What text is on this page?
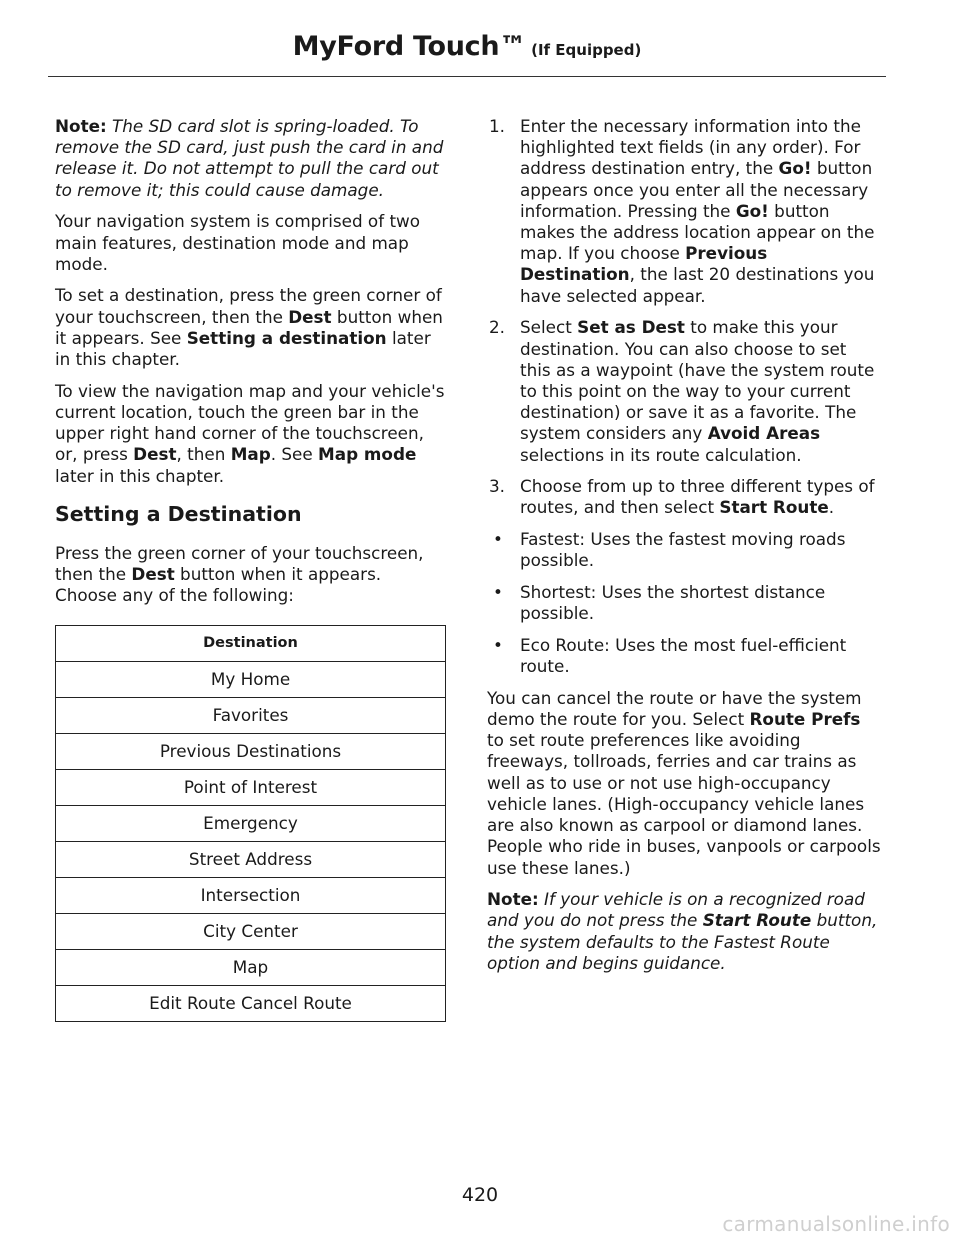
MyFord Touch™ (If Equipped)

Note: The SD card slot is spring-loaded. To remove the SD card, just push the card in and release it. Do not attempt to pull the card out to remove it; this could cause damage.

Your navigation system is comprised of two main features, destination mode and map mode.

To set a destination, press the green corner of your touchscreen, then the Dest button when it appears. See Setting a destination later in this chapter.

To view the navigation map and your vehicle's current location, touch the green bar in the upper right hand corner of the touchscreen, or, press Dest, then Map. See Map mode later in this chapter.

Setting a Destination

Press the green corner of your touchscreen, then the Dest button when it appears. Choose any of the following:

Destination
My Home
Favorites
Previous Destinations
Point of Interest
Emergency
Street Address
Intersection
City Center
Map
Edit Route Cancel Route
1. Enter the necessary information into the highlighted text fields (in any order). For address destination entry, the Go! button appears once you enter all the necessary information. Pressing the Go! button makes the address location appear on the map. If you choose Previous Destination, the last 20 destinations you have selected appear.
2. Select Set as Dest to make this your destination. You can also choose to set this as a waypoint (have the system route to this point on the way to your current destination) or save it as a favorite. The system considers any Avoid Areas selections in its route calculation.
3. Choose from up to three different types of routes, and then select Start Route.
• Fastest: Uses the fastest moving roads possible.
• Shortest: Uses the shortest distance possible.
• Eco Route: Uses the most fuel-efficient route.

You can cancel the route or have the system demo the route for you. Select Route Prefs to set route preferences like avoiding freeways, tollroads, ferries and car trains as well as to use or not use high-occupancy vehicle lanes. (High-occupancy vehicle lanes are also known as carpool or diamond lanes. People who ride in buses, vanpools or carpools use these lanes.)

Note: If your vehicle is on a recognized road and you do not press the Start Route button, the system defaults to the Fastest Route option and begins guidance.

420
carmanualsonline.info
